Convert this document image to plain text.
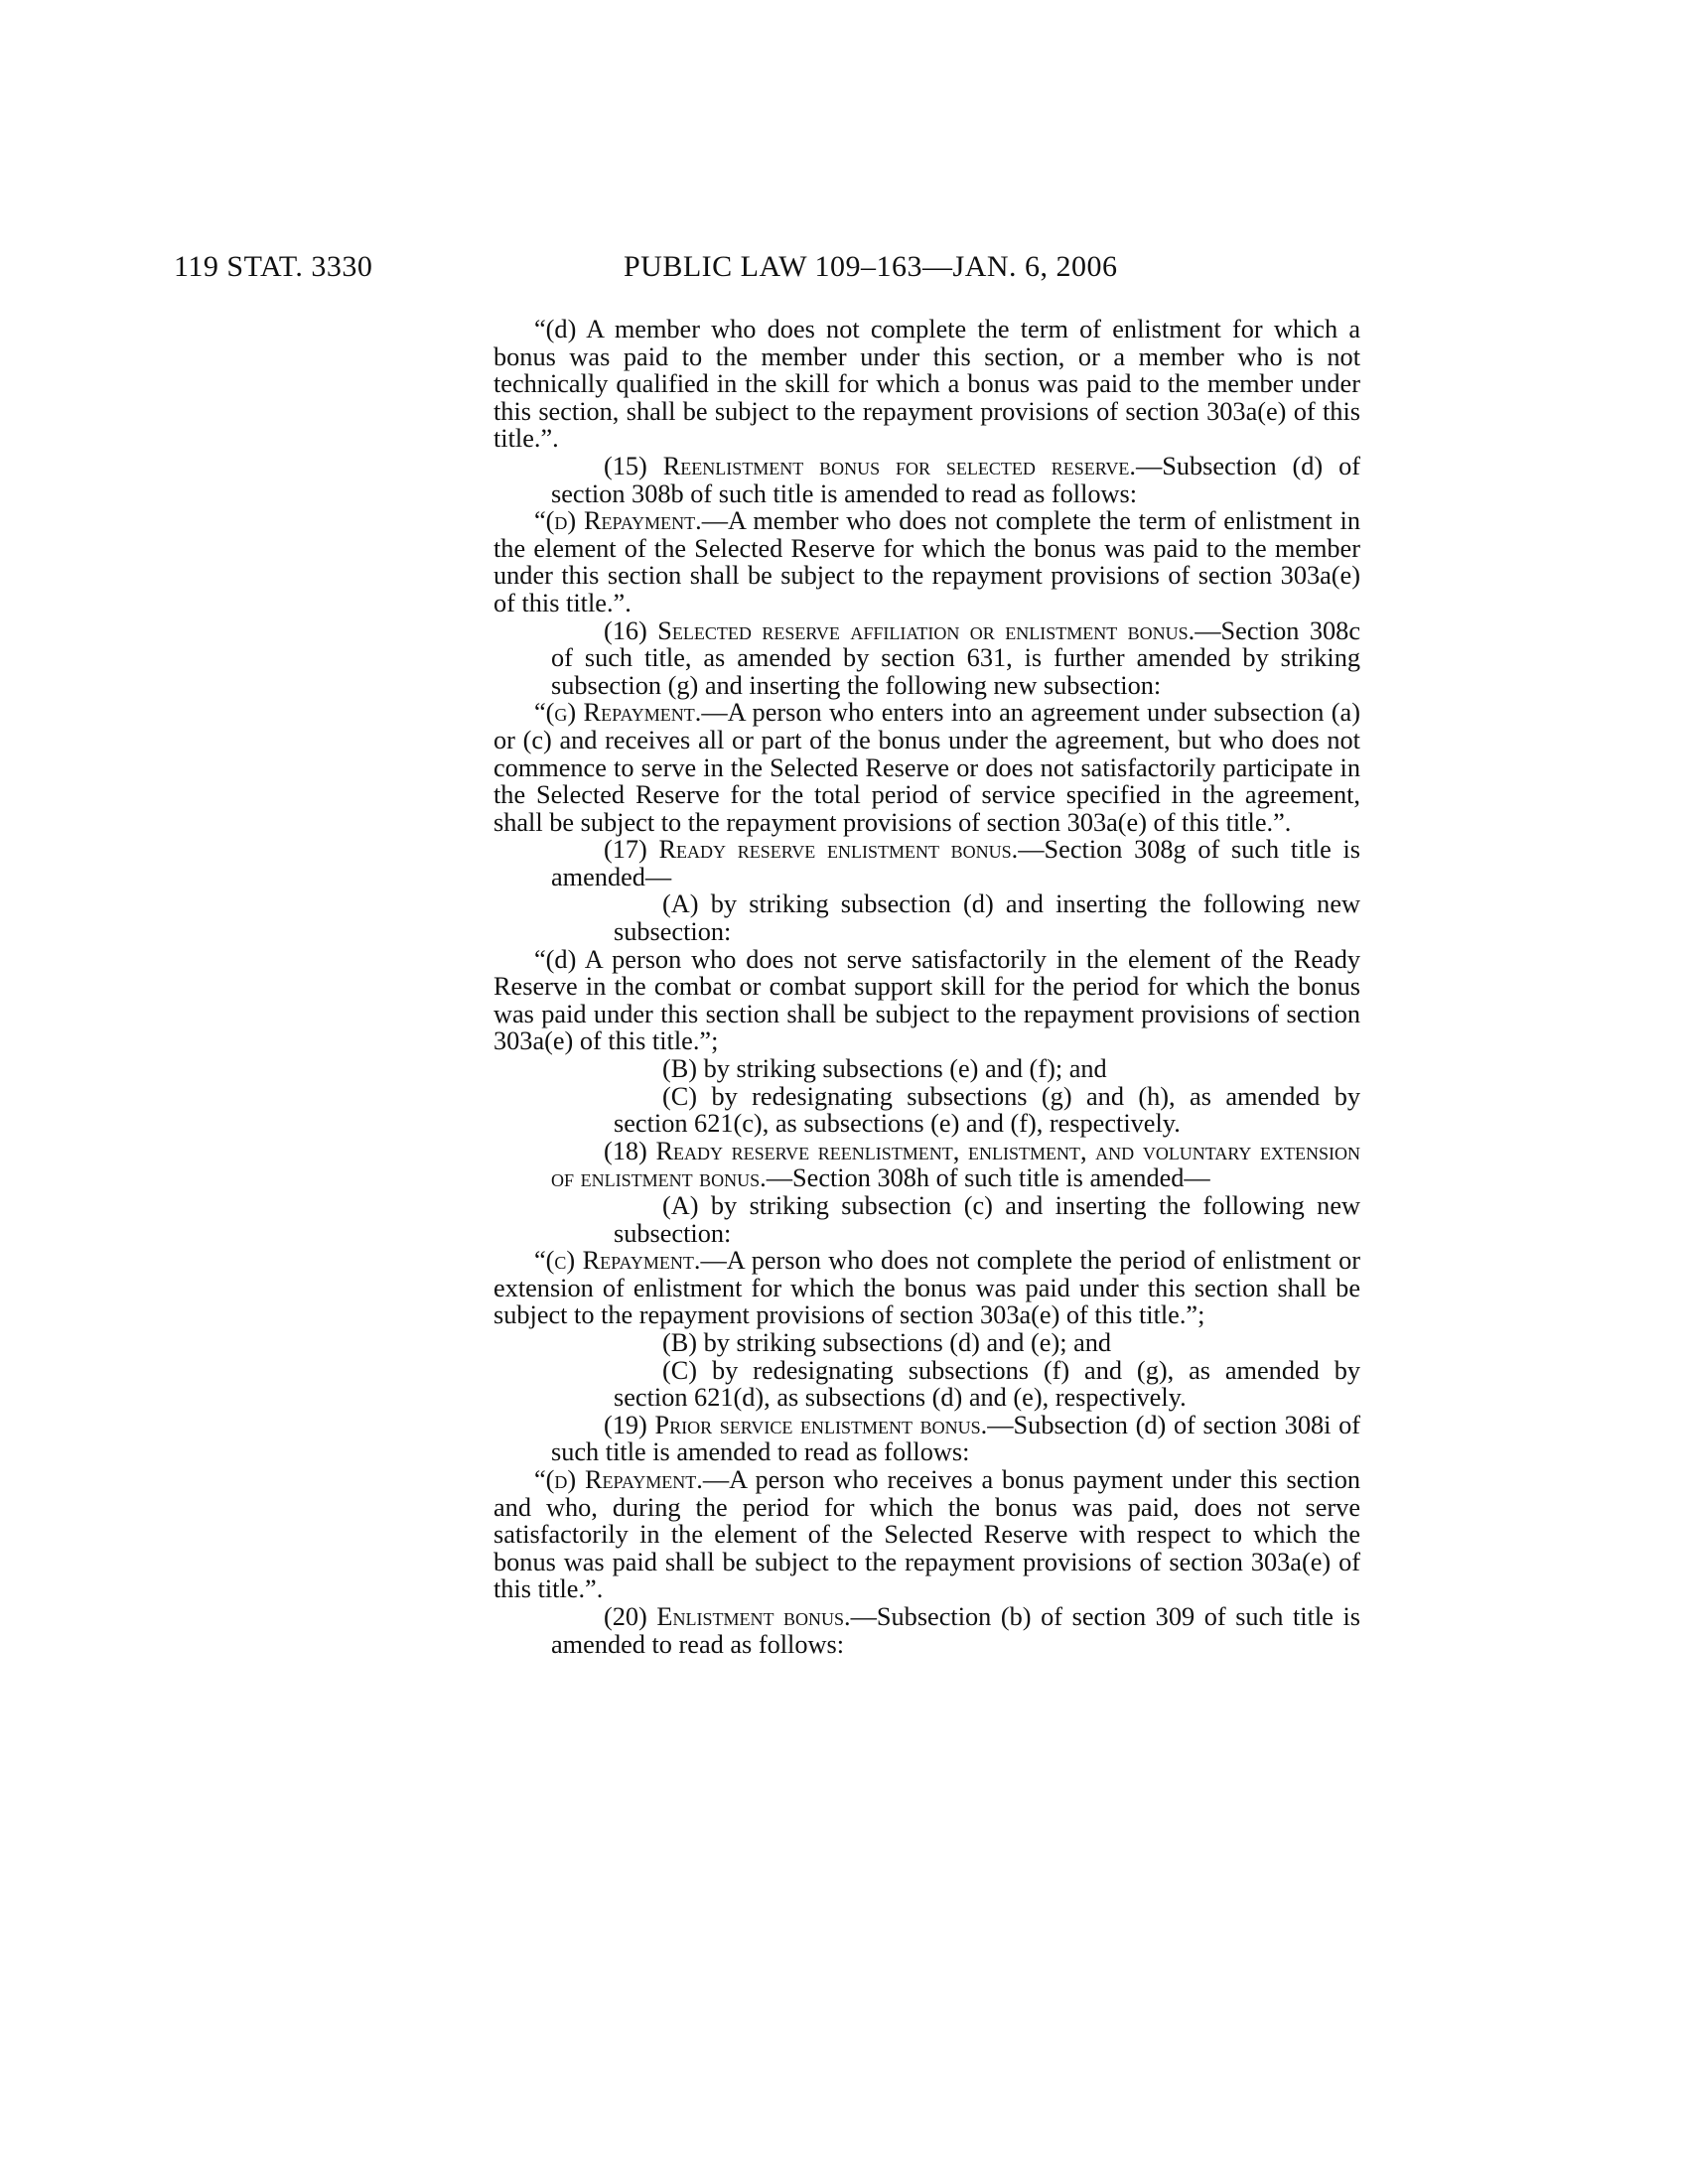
119 STAT. 3330	PUBLIC LAW 109–163—JAN. 6, 2006

“(d) A member who does not complete the term of enlistment for which a bonus was paid to the member under this section, or a member who is not technically qualified in the skill for which a bonus was paid to the member under this section, shall be subject to the repayment provisions of section 303a(e) of this title.”.

(15) Reenlistment bonus for selected reserve.—Subsection (d) of section 308b of such title is amended to read as follows:

“(d) Repayment.—A member who does not complete the term of enlistment in the element of the Selected Reserve for which the bonus was paid to the member under this section shall be subject to the repayment provisions of section 303a(e) of this title.”.

(16) Selected reserve affiliation or enlistment bonus.—Section 308c of such title, as amended by section 631, is further amended by striking subsection (g) and inserting the following new subsection:

“(g) Repayment.—A person who enters into an agreement under subsection (a) or (c) and receives all or part of the bonus under the agreement, but who does not commence to serve in the Selected Reserve or does not satisfactorily participate in the Selected Reserve for the total period of service specified in the agreement, shall be subject to the repayment provisions of section 303a(e) of this title.”.

(17) Ready reserve enlistment bonus.—Section 308g of such title is amended—

(A) by striking subsection (d) and inserting the following new subsection:

“(d) A person who does not serve satisfactorily in the element of the Ready Reserve in the combat or combat support skill for the period for which the bonus was paid under this section shall be subject to the repayment provisions of section 303a(e) of this title.”;

(B) by striking subsections (e) and (f); and

(C) by redesignating subsections (g) and (h), as amended by section 621(c), as subsections (e) and (f), respectively.

(18) Ready reserve reenlistment, enlistment, and voluntary extension of enlistment bonus.—Section 308h of such title is amended—

(A) by striking subsection (c) and inserting the following new subsection:

“(c) Repayment.—A person who does not complete the period of enlistment or extension of enlistment for which the bonus was paid under this section shall be subject to the repayment provisions of section 303a(e) of this title.”;

(B) by striking subsections (d) and (e); and

(C) by redesignating subsections (f) and (g), as amended by section 621(d), as subsections (d) and (e), respectively.

(19) Prior service enlistment bonus.—Subsection (d) of section 308i of such title is amended to read as follows:

“(d) Repayment.—A person who receives a bonus payment under this section and who, during the period for which the bonus was paid, does not serve satisfactorily in the element of the Selected Reserve with respect to which the bonus was paid shall be subject to the repayment provisions of section 303a(e) of this title.”.

(20) Enlistment bonus.—Subsection (b) of section 309 of such title is amended to read as follows:
